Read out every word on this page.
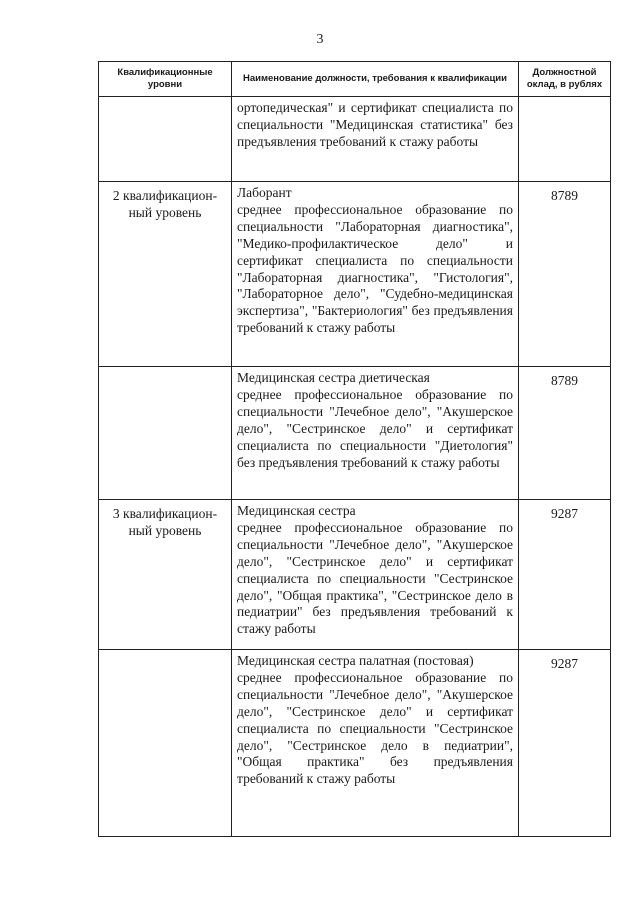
3
Квалификационные уровни	Наименование должности, требования к квалификации	Должностной оклад, в рублях

ортопедическая" и сертификат специалиста по специальности "Медицинская статистика" без предъявления требований к стажу работы	
2 квалификационный уровень	Лаборант
среднее профессиональное образование по специальности "Лабораторная диагностика", "Медико-профилактическое дело" и сертификат специалиста по специальности "Лабораторная диагностика", "Гистология", "Лабораторное дело", "Судебно-медицинская экспертиза", "Бактериология" без предъявления требований к стажу работы	8789

	Медицинская сестра диетическая
среднее профессиональное образование по специальности "Лечебное дело", "Акушерское дело", "Сестринское дело" и сертификат специалиста по специальности "Диетология" без предъявления требований к стажу работы	8789
3 квалификационный уровень	Медицинская сестра
среднее профессиональное образование по специальности "Лечебное дело", "Акушерское дело", "Сестринское дело" и сертификат специалиста по специальности "Сестринское дело", "Общая практика", "Сестринское дело в педиатрии" без предъявления требований к стажу работы	9287

	Медицинская сестра палатная (постовая)
среднее профессиональное образование по специальности "Лечебное дело", "Акушерское дело", "Сестринское дело" и сертификат специалиста по специальности "Сестринское дело", "Сестринское дело в педиатрии", "Общая практика" без предъявления требований к стажу работы	9287
